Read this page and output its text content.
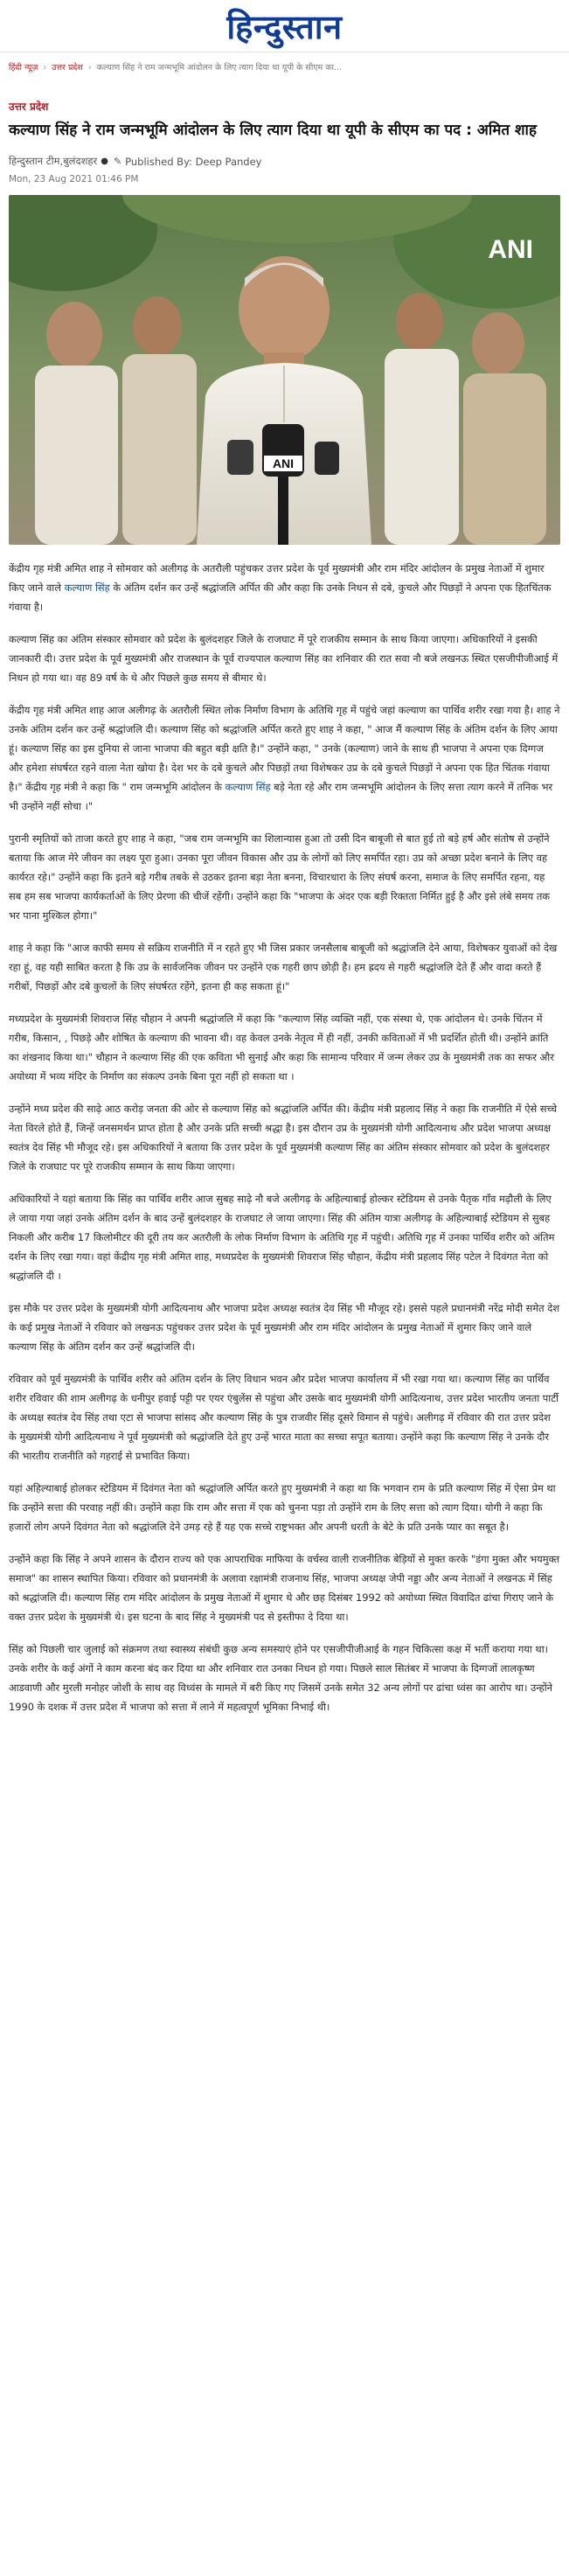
हिन्दुस्तान
हिंदी न्यूज़ › उत्तर प्रदेश › कल्याण सिंह ने राम जन्मभूमि आंदोलन के लिए त्याग दिया था यूपी के सीएम का...
उत्तर प्रदेश
कल्याण सिंह ने राम जन्मभूमि आंदोलन के लिए त्याग दिया था यूपी के सीएम का पद : अमित शाह
हिन्दुस्तान टीम,बुलंदशहर ● ✎ Published By: Deep Pandey
Mon, 23 Aug 2021 01:46 PM
ANI
ANI

केंद्रीय गृह मंत्री अमित शाह ने सोमवार को अलीगढ़ के अतरौली पहुंचकर उत्तर प्रदेश के पूर्व मुख्यमंत्री और राम मंदिर आंदोलन के प्रमुख नेताओं में शुमार किए जाने वाले कल्याण सिंह के अंतिम दर्शन कर उन्हें श्रद्धांजलि अर्पित की और कहा कि उनके निधन से दबे, कुचले और पिछड़ों ने अपना एक हितचिंतक गंवाया है।

कल्याण सिंह का अंतिम संस्कार सोमवार को प्रदेश के बुलंदशहर जिले के राजघाट में पूरे राजकीय सम्मान के साथ किया जाएगा। अधिकारियों ने इसकी जानकारी दी। उत्तर प्रदेश के पूर्व मुख्यमंत्री और राजस्थान के पूर्व राज्यपाल कल्याण सिंह का शनिवार की रात सवा नौ बजे लखनऊ स्थित एसजीपीजीआई में निधन हो गया था। वह 89 वर्ष के थे और पिछले कुछ समय से बीमार थे।

केंद्रीय गृह मंत्री अमित शाह आज अलीगढ़ के अतरौली स्थित लोक निर्माण विभाग के अतिथि गृह में पहुंचे जहां कल्याण का पार्थिव शरीर रखा गया है। शाह ने उनके अंतिम दर्शन कर उन्हें श्रद्धांजलि दी। कल्याण सिंह को श्रद्धांजलि अर्पित करते हुए शाह ने कहा, " आज मैं कल्याण सिंह के अंतिम दर्शन के लिए आया हूं। कल्याण सिंह का इस दुनिया से जाना भाजपा की बहुत बड़ी क्षति है।" उन्होंने कहा, " उनके (कल्याण) जाने के साथ ही भाजपा ने अपना एक दिग्गज और हमेशा संघर्षरत रहने वाला नेता खोया है। देश भर के दबे कुचले और पिछड़ों तथा विशेषकर उप्र के दबे कुचले पिछड़ों ने अपना एक हित चिंतक गंवाया है।" केंद्रीय गृह मंत्री ने कहा कि " राम जन्मभूमि आंदोलन के कल्याण सिंह बड़े नेता रहे और राम जन्मभूमि आंदोलन के लिए सत्ता त्याग करने में तनिक भर भी उन्होंने नहीं सोचा ।"

पुरानी स्मृतियों को ताजा करते हुए शाह ने कहा, "जब राम जन्मभूमि का शिलान्यास हुआ तो उसी दिन बाबूजी से बात हुई तो बड़े हर्ष और संतोष से उन्होंने बताया कि आज मेरे जीवन का लक्ष्य पूरा हुआ। उनका पूरा जीवन विकास और उप्र के लोगों को लिए समर्पित रहा। उप्र को अच्छा प्रदेश बनाने के लिए वह कार्यरत रहे।" उन्होंने कहा कि इतने बड़े गरीब तबके से उठकर इतना बड़ा नेता बनना, विचारधारा के लिए संघर्ष करना, समाज के लिए समर्पित रहना, यह सब हम सब भाजपा कार्यकर्ताओं के लिए प्रेरणा की चीजें रहेंगी। उन्होंने कहा कि "भाजपा के अंदर एक बड़ी रिक्तता निर्मित हुई है और इसे लंबे समय तक भर पाना मुश्किल होगा।"

शाह ने कहा कि "आज काफी समय से सक्रिय राजनीति में न रहते हुए भी जिस प्रकार जनसैलाब बाबूजी को श्रद्धांजलि देने आया, विशेषकर युवाओं को देख रहा हूं, वह यही साबित करता है कि उप्र के सार्वजनिक जीवन पर उन्होंने एक गहरी छाप छोड़ी है। हम ह्रदय से गहरी श्रद्धांजलि देते हैं और वादा करते हैं गरीबों, पिछड़ों और दबे कुचलों के लिए संघर्षरत रहेंगे, इतना ही कह सकता हूं।"

मध्यप्रदेश के मुख्यमंत्री शिवराज सिंह चौहान ने अपनी श्रद्धांजलि में कहा कि "कल्याण सिंह व्यक्ति नहीं, एक संस्था थे, एक आंदोलन थे। उनके चिंतन में गरीब, किसान, , पिछड़े और शोषित के कल्याण की भावना थी। वह केवल उनके नेतृत्व में ही नहीं, उनकी कविताओं में भी प्रदर्शित होती थी। उन्होंने क्रांति का शंखनाद किया था।" चौहान ने कल्याण सिंह की एक कविता भी सुनाई और कहा कि सामान्य परिवार में जन्म लेकर उप्र के मुख्यमंत्री तक का सफर और अयोध्या में भव्य मंदिर के निर्माण का संकल्प उनके बिना पूरा नहीं हो सकता था ।

उन्होंने मध्य प्रदेश की साढ़े आठ करोड़ जनता की ओर से कल्याण सिंह को श्रद्धांजलि अर्पित की। केंद्रीय मंत्री प्रहलाद सिंह ने कहा कि राजनीति में ऐसे सच्चे नेता विरले होते हैं, जिन्हें जनसमर्थन प्राप्त होता है और उनके प्रति सच्ची श्रद्धा है। इस दौरान उप्र के मुख्यमंत्री योगी आदित्यनाथ और प्रदेश भाजपा अध्यक्ष स्वतंत्र देव सिंह भी मौजूद रहे। इस अधिकारियों ने बताया कि उत्तर प्रदेश के पूर्व मुख्यमंत्री कल्याण सिंह का अंतिम संस्कार सोमवार को प्रदेश के बुलंदशहर जिले के राजघाट पर पूरे राजकीय सम्मान के साथ किया जाएगा।

अधिकारियों ने यहां बताया कि सिंह का पार्थिव शरीर आज सुबह साढ़े नौ बजे अलीगढ़ के अहिल्याबाई होल्कर स्टेडियम से उनके पैतृक गाँव मढ़ौली के लिए ले जाया गया जहां उनके अंतिम दर्शन के बाद उन्हें बुलंदशहर के राजघाट ले जाया जाएगा। सिंह की अंतिम यात्रा अलीगढ़ के अहिल्याबाई स्टेडियम से सुबह निकली और करीब 17 किलोमीटर की दूरी तय कर अतरौली के लोक निर्माण विभाग के अतिथि गृह में पहुंची। अतिथि गृह में उनका पार्थिव शरीर को अंतिम दर्शन के लिए रखा गया। वहां केंद्रीय गृह मंत्री अमित शाह, मध्यप्रदेश के मुख्यमंत्री शिवराज सिंह चौहान, केंद्रीय मंत्री प्रहलाद सिंह पटेल ने दिवंगत नेता को श्रद्धांजलि दी ।

इस मौके पर उत्तर प्रदेश के मुख्यमंत्री योगी आदित्यनाथ और भाजपा प्रदेश अध्यक्ष स्वतंत्र देव सिंह भी मौजूद रहे। इससे पहले प्रधानमंत्री नरेंद्र मोदी समेत देश के कई प्रमुख नेताओं ने रविवार को लखनऊ पहुंचकर उत्तर प्रदेश के पूर्व मुख्यमंत्री और राम मंदिर आंदोलन के प्रमुख नेताओं में शुमार किए जाने वाले कल्याण सिंह के अंतिम दर्शन कर उन्हें श्रद्धांजलि दी।

रविवार को पूर्व मुख्यमंत्री के पार्थिव शरीर को अंतिम दर्शन के लिए विधान भवन और प्रदेश भाजपा कार्यालय में भी रखा गया था। कल्याण सिंह का पार्थिव शरीर रविवार की शाम अलीगढ़ के धनीपुर हवाई पट्टी पर एयर एंबुलेंस से पहुंचा और उसके बाद मुख्यमंत्री योगी आदित्यनाथ, उत्तर प्रदेश भारतीय जनता पार्टी के अध्यक्ष स्वतंत्र देव सिंह तथा एटा से भाजपा सांसद और कल्याण सिंह के पुत्र राजवीर सिंह दूसरे विमान से पहुंचे। अलीगढ़ में रविवार की रात उत्तर प्रदेश के मुख्यमंत्री योगी आदित्यनाथ ने पूर्व मुख्यमंत्री को श्रद्धांजलि देते हुए उन्हें भारत माता का सच्चा सपूत बताया। उन्होंने कहा कि कल्याण सिंह ने उनके दौर की भारतीय राजनीति को गहराई से प्रभावित किया।

यहां अहिल्याबाई होलकर स्टेडियम में दिवंगत नेता को श्रद्धांजलि अर्पित करते हुए मुख्यमंत्री ने कहा था कि भगवान राम के प्रति कल्याण सिंह में ऐसा प्रेम था कि उन्होंने सत्ता की परवाह नहीं की। उन्होंने कहा कि राम और सत्ता में एक को चुनना पड़ा तो उन्होंने राम के लिए सत्ता को त्याग दिया। योगी ने कहा कि हजारों लोग अपने दिवंगत नेता को श्रद्धांजलि देने उमड़ रहे हैं यह एक सच्चे राष्ट्रभक्त और अपनी धरती के बेटे के प्रति उनके प्यार का सबूत है।

उन्होंने कहा कि सिंह ने अपने शासन के दौरान राज्य को एक आपराधिक माफिया के वर्चस्व वाली राजनीतिक बेड़ियों से मुक्त करके "डंगा मुक्त और भयमुक्त समाज" का शासन स्थापित किया। रविवार को प्रधानमंत्री के अलावा रक्षामंत्री राजनाथ सिंह, भाजपा अध्यक्ष जेपी नड्डा और अन्य नेताओं ने लखनऊ में सिंह को श्रद्धांजलि दी। कल्याण सिंह राम मंदिर आंदोलन के प्रमुख नेताओं में शुमार थे और छह दिसंबर 1992 को अयोध्या स्थित विवादित ढांचा गिराए जाने के वक्त उत्तर प्रदेश के मुख्यमंत्री थे। इस घटना के बाद सिंह ने मुख्यमंत्री पद से इस्तीफा दे दिया था।

सिंह को पिछली चार जुलाई को संक्रमण तथा स्वास्थ्य संबंधी कुछ अन्य समस्याएं होने पर एसजीपीजीआई के गहन चिकित्सा कक्ष में भर्ती कराया गया था। उनके शरीर के कई अंगों ने काम करना बंद कर दिया था और शनिवार रात उनका निधन हो गया। पिछले साल सितंबर में भाजपा के दिग्गजों लालकृष्ण आडवाणी और मुरली मनोहर जोशी के साथ वह विध्वंस के मामले में बरी किए गए जिसमें उनके समेत 32 अन्य लोगों पर ढांचा ध्वंस का आरोप था। उन्होंने 1990 के दशक में उत्तर प्रदेश में भाजपा को सत्ता में लाने में महत्वपूर्ण भूमिका निभाई थी।
